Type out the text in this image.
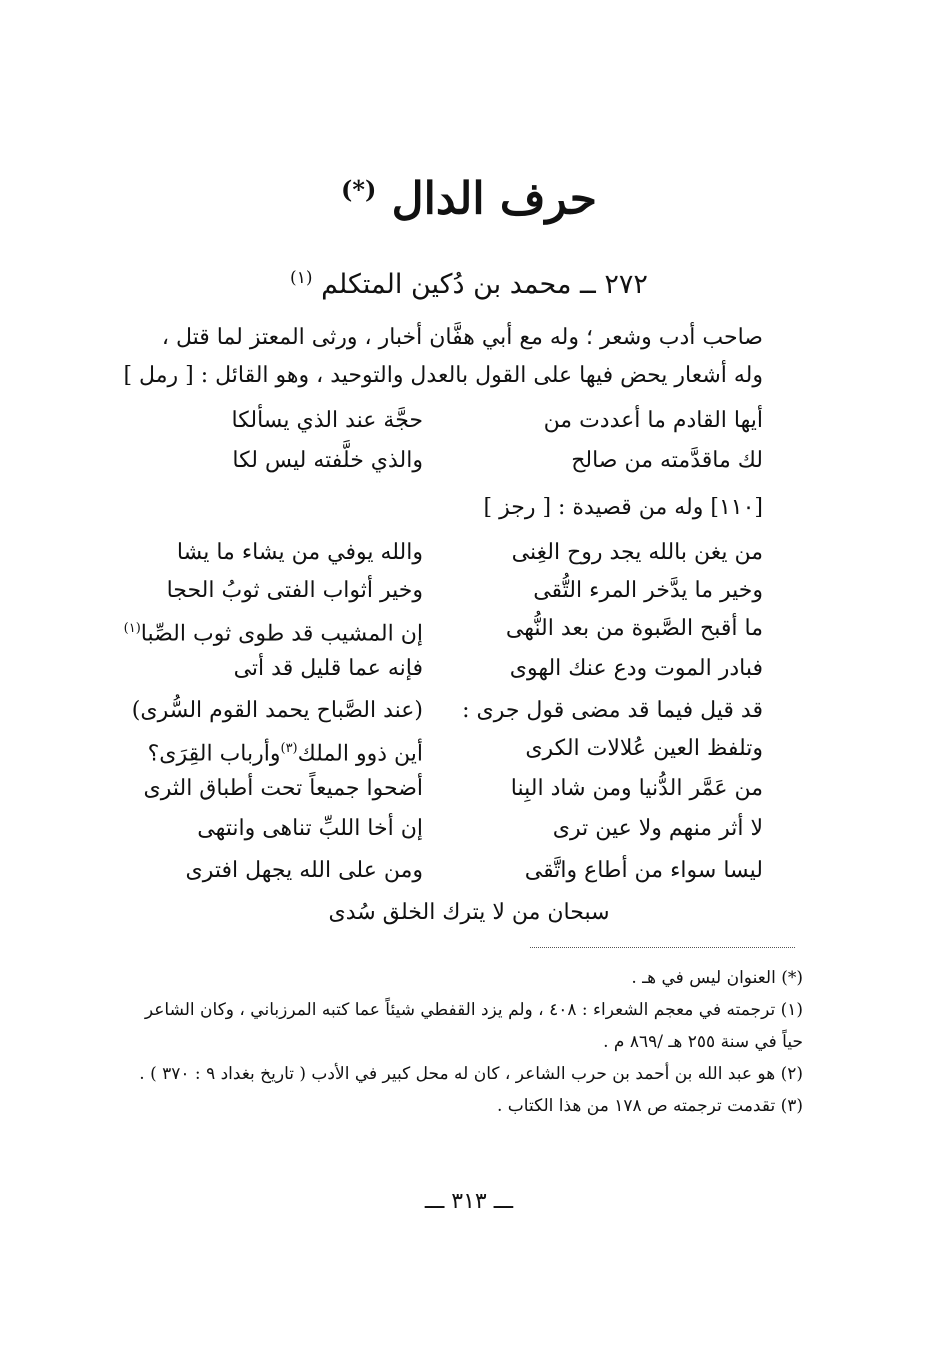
حرف الدال (*)
٢٧٢ ــ محمد بن دُكين المتكلم $^{(١)}$
صاحب أدب وشعر ؛ وله مع أبي هفَّان أخبار ، ورثى المعتز لما قتل ،
وله أشعار يحض فيها على القول بالعدل والتوحيد ، وهو القائل : [ رمل ]
أيها القادم ما أعددت من
حجَّة عند الذي يسألكا
لك ماقدَّمته من صالح
والذي خلَّفته ليس لكا
[١١٠] وله من قصيدة : [ رجز ]
من يغن بالله يجد روح الغِنى
والله يوفي من يشاء ما يشا
وخير ما يدَّخر المرء التُّقى
وخير أثواب الفتى ثوبُ الحجا
ما أقبح الصَّبوة من بعد النُّهى
إن المشيب قد طوى ثوب الصِّبا$^{(١)}$
فبادر الموت ودع عنك الهوى
فإنه عما قليل قد أتى
قد قيل فيما قد مضى قول جرى :
(عند الصَّباح يحمد القوم السُّرى)
وتلفظ العين عُلالات الكرى
أين ذوو الملك$^{(٣)}$وأرباب القِرَى؟
من عَمَّر الدُّنيا ومن شاد البِنا
أضحوا جميعاً تحت أطباق الثرى
لا أثر منهم ولا عين ترى
إن أخا اللبِّ تناهى وانتهى
ليسا سواء من أطاع واتَّقى
ومن على الله يجهل افترى
سبحان من لا يترك الخلق سُدى

(*) العنوان ليس في هـ .

(١) ترجمته في معجم الشعراء : ٤٠٨ ، ولم يزد القفطي شيئاً عما كتبه المرزباني ، وكان الشاعر حياً في سنة ٢٥٥ هـ /٨٦٩ م .

(٢) هو عبد الله بن أحمد بن حرب الشاعر ، كان له محل كبير في الأدب ( تاريخ بغداد ٩ : ٣٧٠ ) .

(٣) تقدمت ترجمته ص ١٧٨ من هذا الكتاب .

ـــ ٣١٣ ـــ
